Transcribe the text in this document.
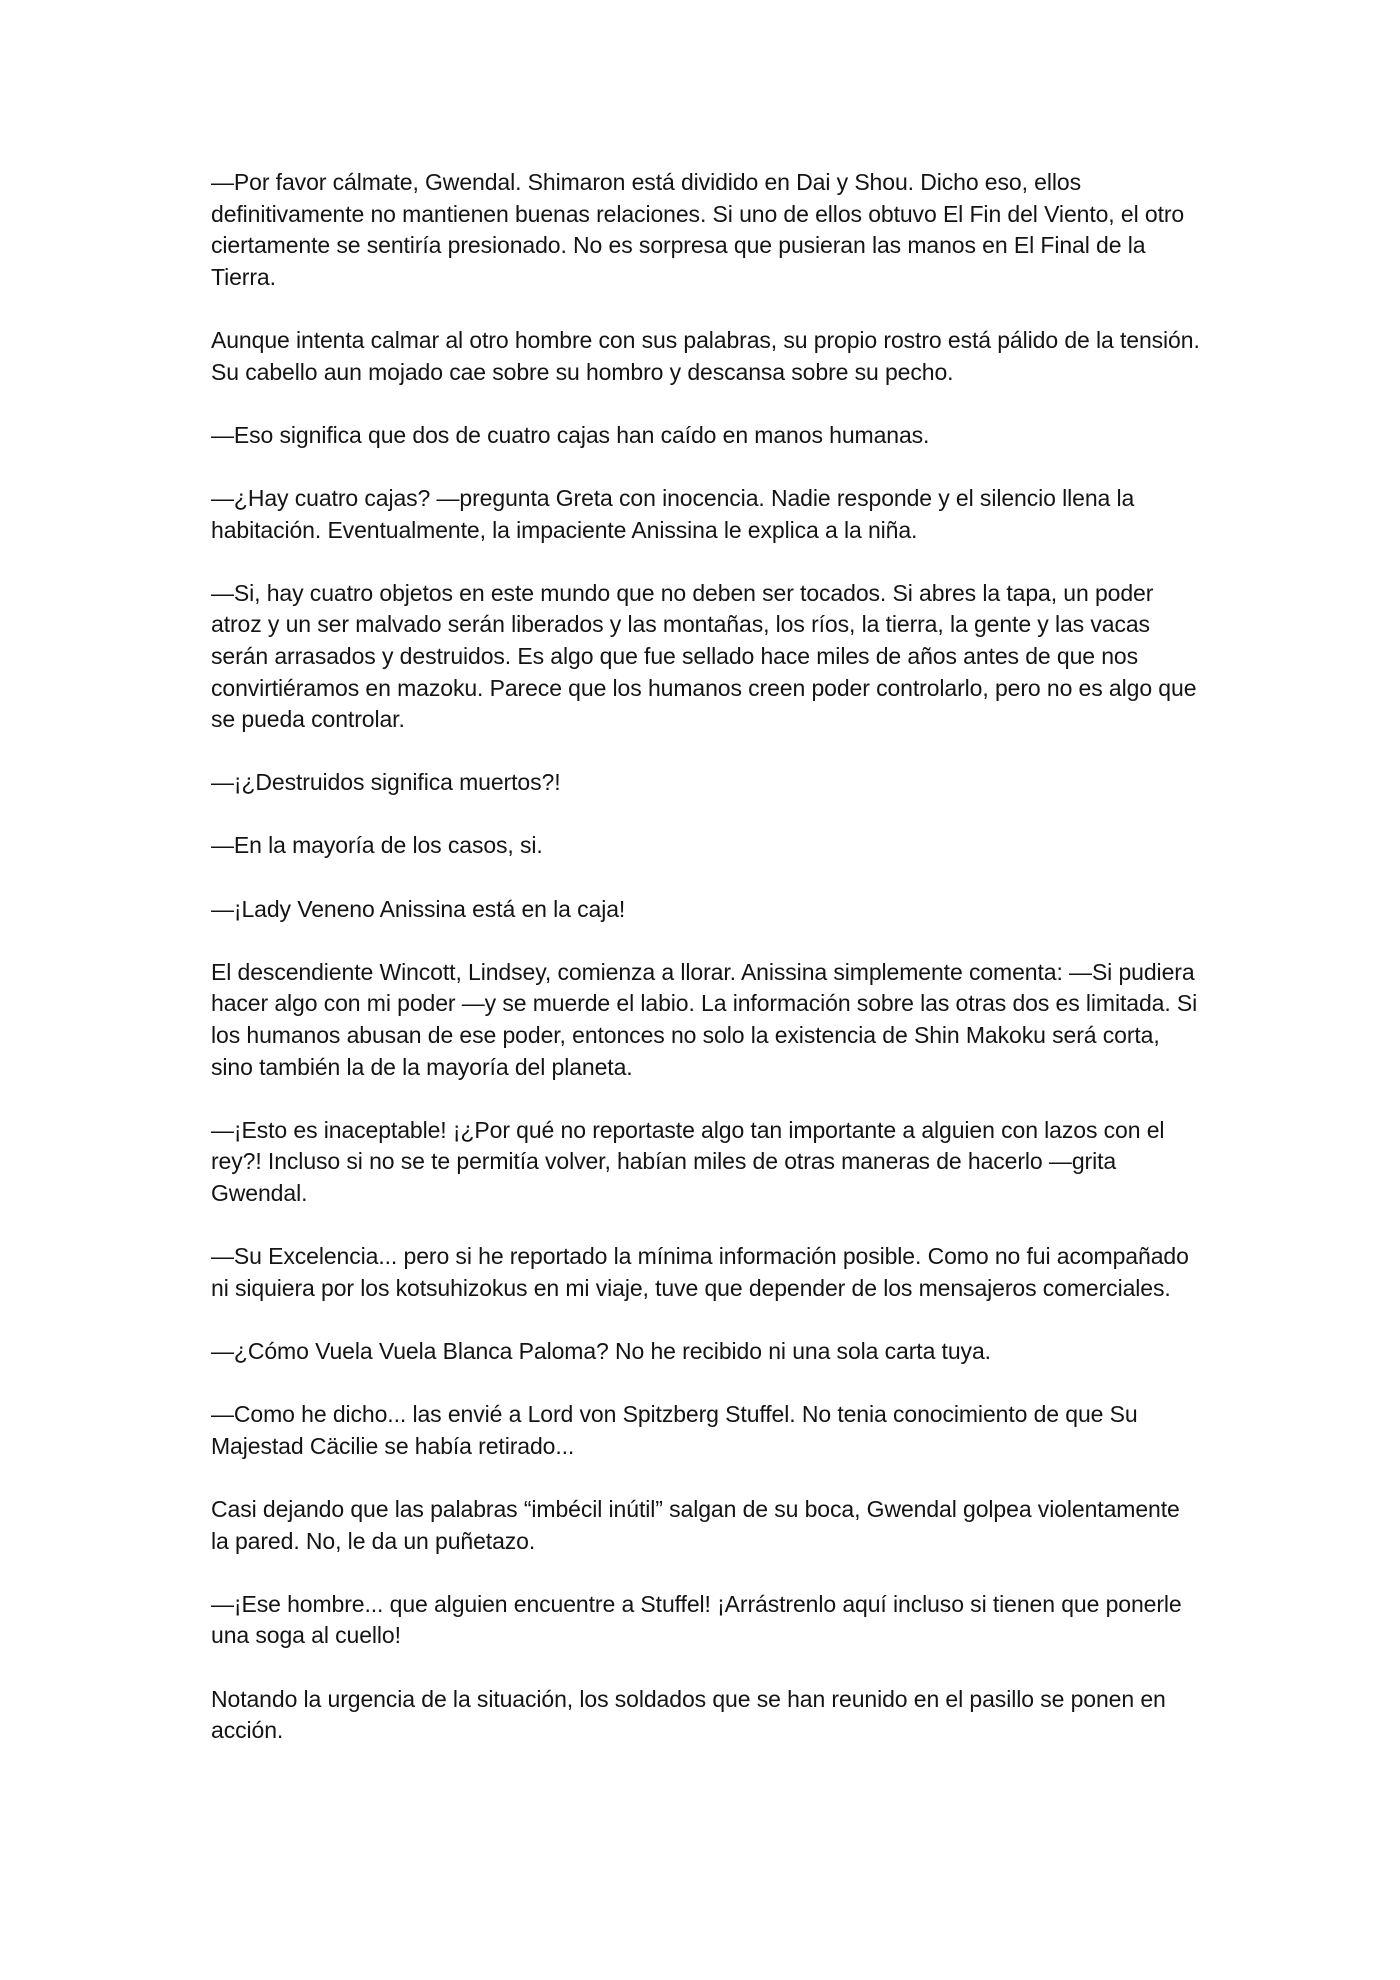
—Por favor cálmate, Gwendal. Shimaron está dividido en Dai y Shou. Dicho eso, ellos definitivamente no mantienen buenas relaciones. Si uno de ellos obtuvo El Fin del Viento, el otro ciertamente se sentiría presionado. No es sorpresa que pusieran las manos en El Final de la Tierra.

Aunque intenta calmar al otro hombre con sus palabras, su propio rostro está pálido de la tensión. Su cabello aun mojado cae sobre su hombro y descansa sobre su pecho.

—Eso significa que dos de cuatro cajas han caído en manos humanas.

—¿Hay cuatro cajas? —pregunta Greta con inocencia. Nadie responde y el silencio llena la habitación. Eventualmente, la impaciente Anissina le explica a la niña.

—Si, hay cuatro objetos en este mundo que no deben ser tocados. Si abres la tapa, un poder atroz y un ser malvado serán liberados y las montañas, los ríos, la tierra, la gente y las vacas serán arrasados y destruidos. Es algo que fue sellado hace miles de años antes de que nos convirtiéramos en mazoku. Parece que los humanos creen poder controlarlo, pero no es algo que se pueda controlar.

—¡¿Destruidos significa muertos?!

—En la mayoría de los casos, si.

—¡Lady Veneno Anissina está en la caja!

El descendiente Wincott, Lindsey, comienza a llorar. Anissina simplemente comenta: —Si pudiera hacer algo con mi poder —y se muerde el labio. La información sobre las otras dos es limitada. Si los humanos abusan de ese poder, entonces no solo la existencia de Shin Makoku será corta, sino también la de la mayoría del planeta.

—¡Esto es inaceptable! ¡¿Por qué no reportaste algo tan importante a alguien con lazos con el rey?! Incluso si no se te permitía volver, habían miles de otras maneras de hacerlo —grita Gwendal.

—Su Excelencia... pero si he reportado la mínima información posible. Como no fui acompañado ni siquiera por los kotsuhizokus en mi viaje, tuve que depender de los mensajeros comerciales.

—¿Cómo Vuela Vuela Blanca Paloma? No he recibido ni una sola carta tuya.

—Como he dicho... las envié a Lord von Spitzberg Stuffel. No tenia conocimiento de que Su Majestad Cäcilie se había retirado...

Casi dejando que las palabras “imbécil inútil” salgan de su boca, Gwendal golpea violentamente la pared. No, le da un puñetazo.

—¡Ese hombre... que alguien encuentre a Stuffel! ¡Arrástrenlo aquí incluso si tienen que ponerle una soga al cuello!

Notando la urgencia de la situación, los soldados que se han reunido en el pasillo se ponen en acción.
